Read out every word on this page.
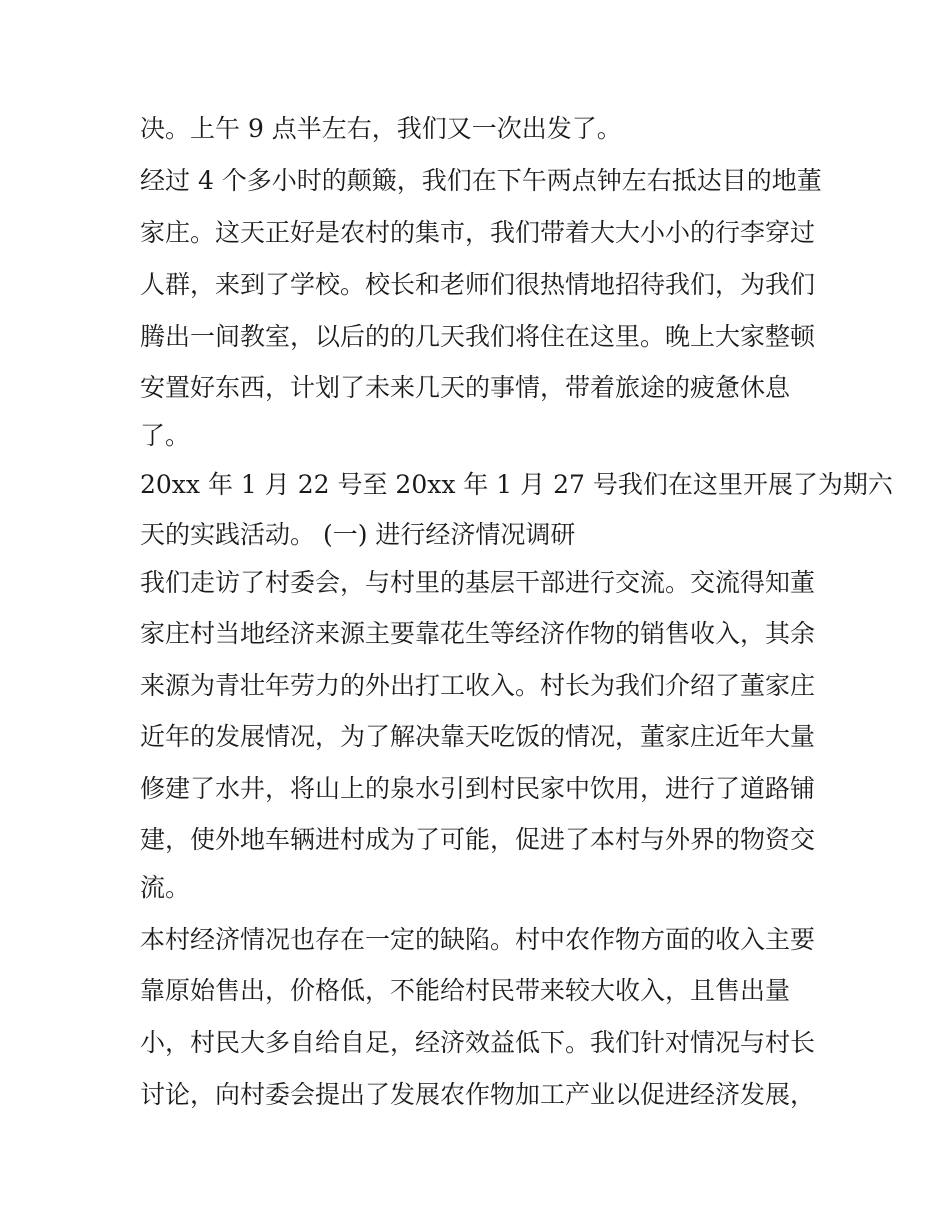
决。上午 9 点半左右，我们又一次出发了。
经过 4 个多小时的颠簸，我们在下午两点钟左右抵达目的地董
家庄。这天正好是农村的集市，我们带着大大小小的行李穿过
人群，来到了学校。校长和老师们很热情地招待我们，为我们
腾出一间教室，以后的的几天我们将住在这里。晚上大家整顿
安置好东西，计划了未来几天的事情，带着旅途的疲惫休息
了。
20xx 年 1 月 22 号至 20xx 年 1 月 27 号我们在这里开展了为期六
天的实践活动。 (一) 进行经济情况调研
我们走访了村委会，与村里的基层干部进行交流。交流得知董
家庄村当地经济来源主要靠花生等经济作物的销售收入，其余
来源为青壮年劳力的外出打工收入。村长为我们介绍了董家庄
近年的发展情况，为了解决靠天吃饭的情况，董家庄近年大量
修建了水井，将山上的泉水引到村民家中饮用，进行了道路铺
建，使外地车辆进村成为了可能，促进了本村与外界的物资交
流。
本村经济情况也存在一定的缺陷。村中农作物方面的收入主要
靠原始售出，价格低，不能给村民带来较大收入，且售出量
小，村民大多自给自足，经济效益低下。我们针对情况与村长
讨论，向村委会提出了发展农作物加工产业以促进经济发展，
